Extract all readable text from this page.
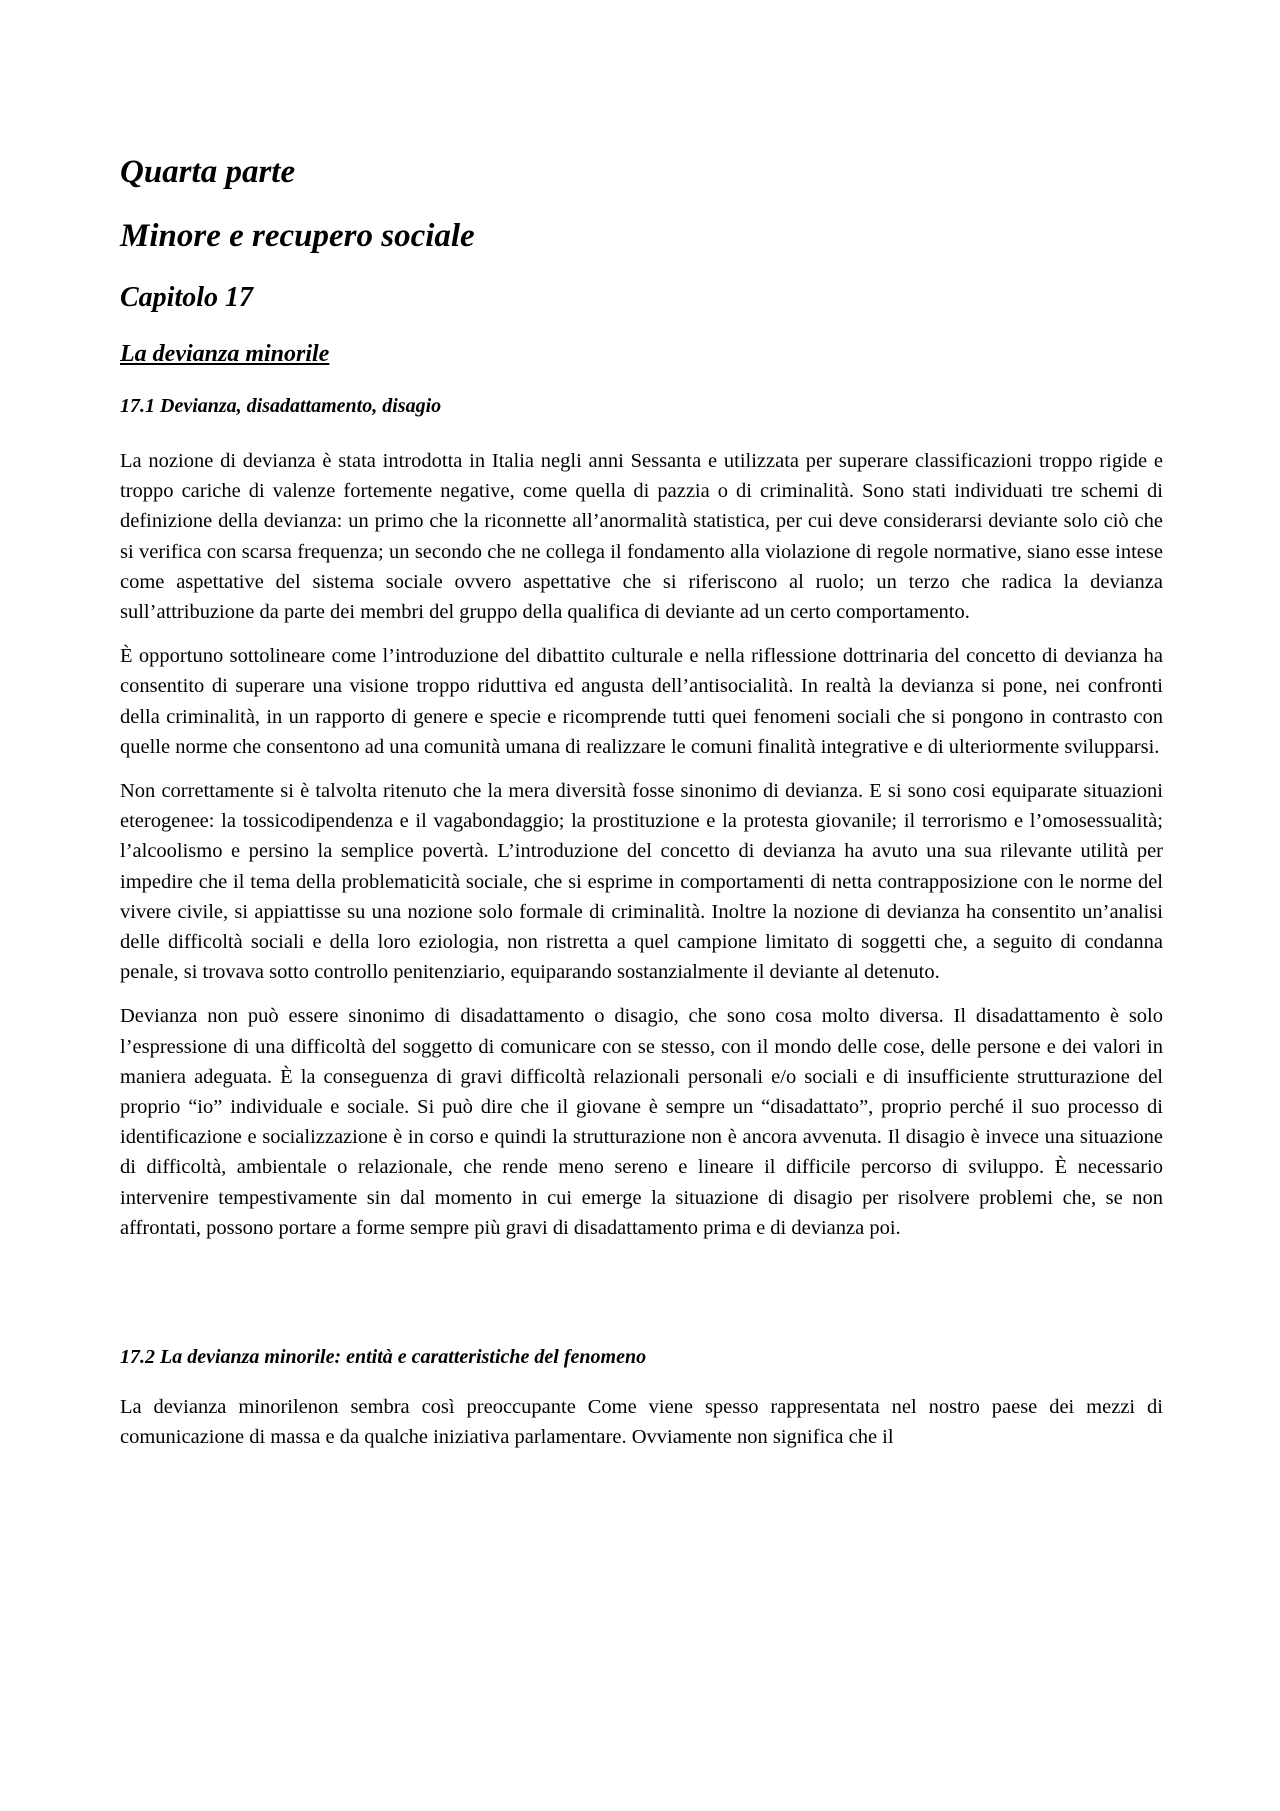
Quarta parte
Minore e recupero sociale
Capitolo 17
La devianza minorile
17.1 Devianza, disadattamento, disagio

La nozione di devianza è stata introdotta in Italia negli anni Sessanta e utilizzata per superare classificazioni troppo rigide e troppo cariche di valenze fortemente negative, come quella di pazzia o di criminalità. Sono stati individuati tre schemi di definizione della devianza: un primo che la riconnette all’anormalità statistica, per cui deve considerarsi deviante solo ciò che si verifica con scarsa frequenza; un secondo che ne collega il fondamento alla violazione di regole normative, siano esse intese come aspettative del sistema sociale ovvero aspettative che si riferiscono al ruolo; un terzo che radica la devianza sull’attribuzione da parte dei membri del gruppo della qualifica di deviante ad un certo comportamento.

È opportuno sottolineare come l’introduzione del dibattito culturale e nella riflessione dottrinaria del concetto di devianza ha consentito di superare una visione troppo riduttiva ed angusta dell’antisocialità. In realtà la devianza si pone, nei confronti della criminalità, in un rapporto di genere e specie e ricomprende tutti quei fenomeni sociali che si pongono in contrasto con quelle norme che consentono ad una comunità umana di realizzare le comuni finalità integrative e di ulteriormente svilupparsi.

Non correttamente si è talvolta ritenuto che la mera diversità fosse sinonimo di devianza. E si sono cosi equiparate situazioni eterogenee: la tossicodipendenza e il vagabondaggio; la prostituzione e la protesta giovanile; il terrorismo e l’omosessualità; l’alcoolismo e persino la semplice povertà. L’introduzione del concetto di devianza ha avuto una sua rilevante utilità per impedire che il tema della problematicità sociale, che si esprime in comportamenti di netta contrapposizione con le norme del vivere civile, si appiattisse su una nozione solo formale di criminalità. Inoltre la nozione di devianza ha consentito un’analisi delle difficoltà sociali e della loro eziologia, non ristretta a quel campione limitato di soggetti che, a seguito di condanna penale, si trovava sotto controllo penitenziario, equiparando sostanzialmente il deviante al detenuto.

Devianza non può essere sinonimo di disadattamento o disagio, che sono cosa molto diversa. Il disadattamento è solo l’espressione di una difficoltà del soggetto di comunicare con se stesso, con il mondo delle cose, delle persone e dei valori in maniera adeguata. È la conseguenza di gravi difficoltà relazionali personali e/o sociali e di insufficiente strutturazione del proprio “io” individuale e sociale. Si può dire che il giovane è sempre un “disadattato”, proprio perché il suo processo di identificazione e socializzazione è in corso e quindi la strutturazione non è ancora avvenuta. Il disagio è invece una situazione di difficoltà, ambientale o relazionale, che rende meno sereno e lineare il difficile percorso di sviluppo. È necessario intervenire tempestivamente sin dal momento in cui emerge la situazione di disagio per risolvere problemi che, se non affrontati, possono portare a forme sempre più gravi di disadattamento prima e di devianza poi.

17.2 La devianza minorile: entità e caratteristiche del fenomeno

La devianza minorilenon sembra così preoccupante Come viene spesso rappresentata nel nostro paese dei mezzi di comunicazione di massa e da qualche iniziativa parlamentare. Ovviamente non significa che il
